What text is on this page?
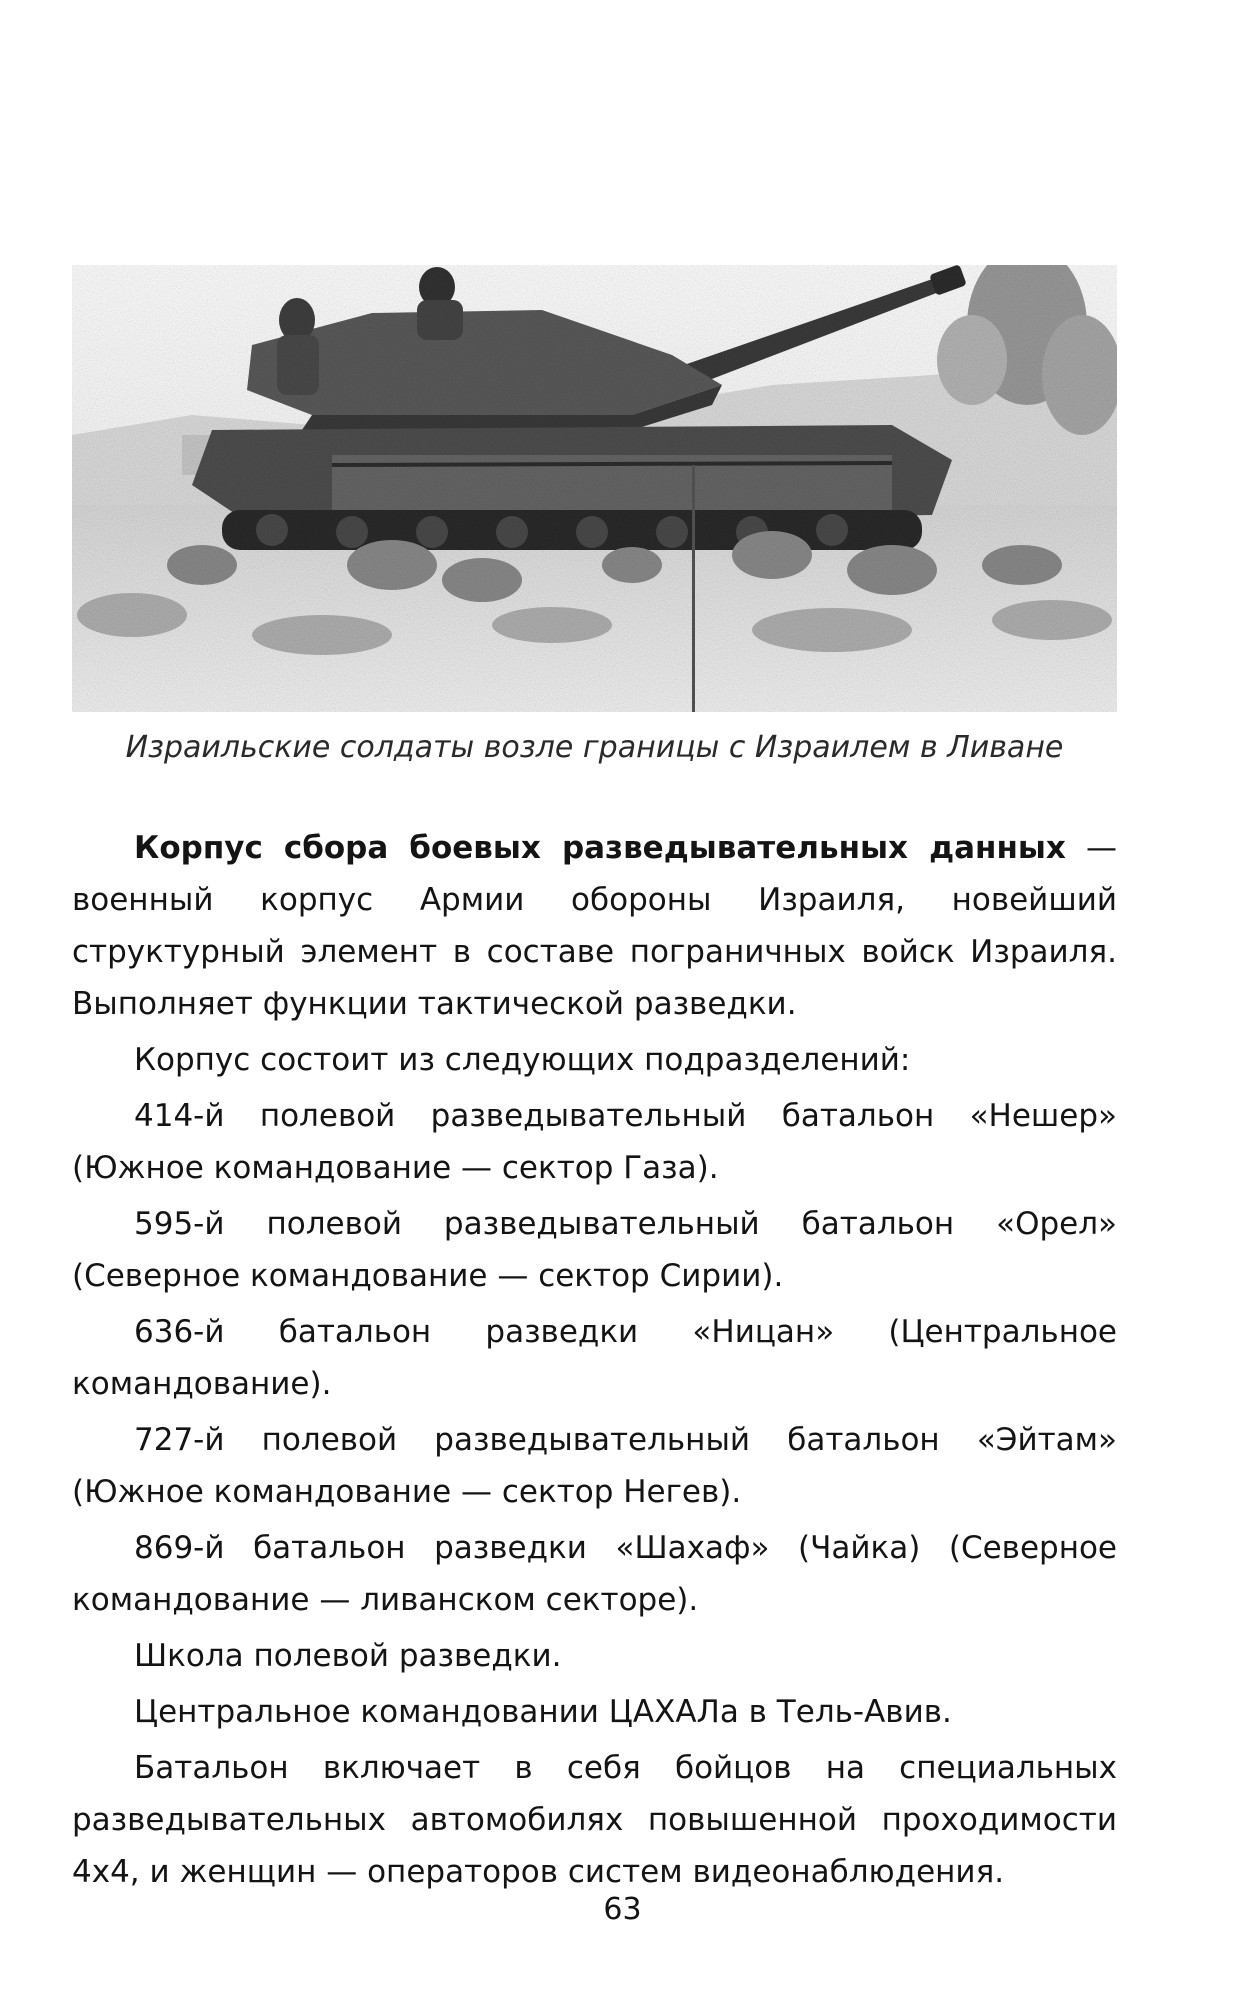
Израильские солдаты возле границы с Израилем в Ливане

Корпус сбора боевых разведывательных данных — военный корпус Армии обороны Израиля, новейший структурный элемент в составе пограничных войск Израиля. Выполняет функции тактической разведки.

Корпус состоит из следующих подразделений:

414-й полевой разведывательный батальон «Нешер» (Южное командование — сектор Газа).

595-й полевой разведывательный батальон «Орел» (Северное командование — сектор Сирии).

636-й батальон разведки «Ницан» (Центральное командование).

727-й полевой разведывательный батальон «Эйтам» (Южное командование — сектор Негев).

869-й батальон разведки «Шахаф» (Чайка) (Северное командование — ливанском секторе).

Школа полевой разведки.

Центральное командовании ЦАХАЛа в Тель-Авив.

Батальон включает в себя бойцов на специальных разведывательных автомобилях повышенной проходимости 4х4, и женщин — операторов систем видеонаблюдения.

63
